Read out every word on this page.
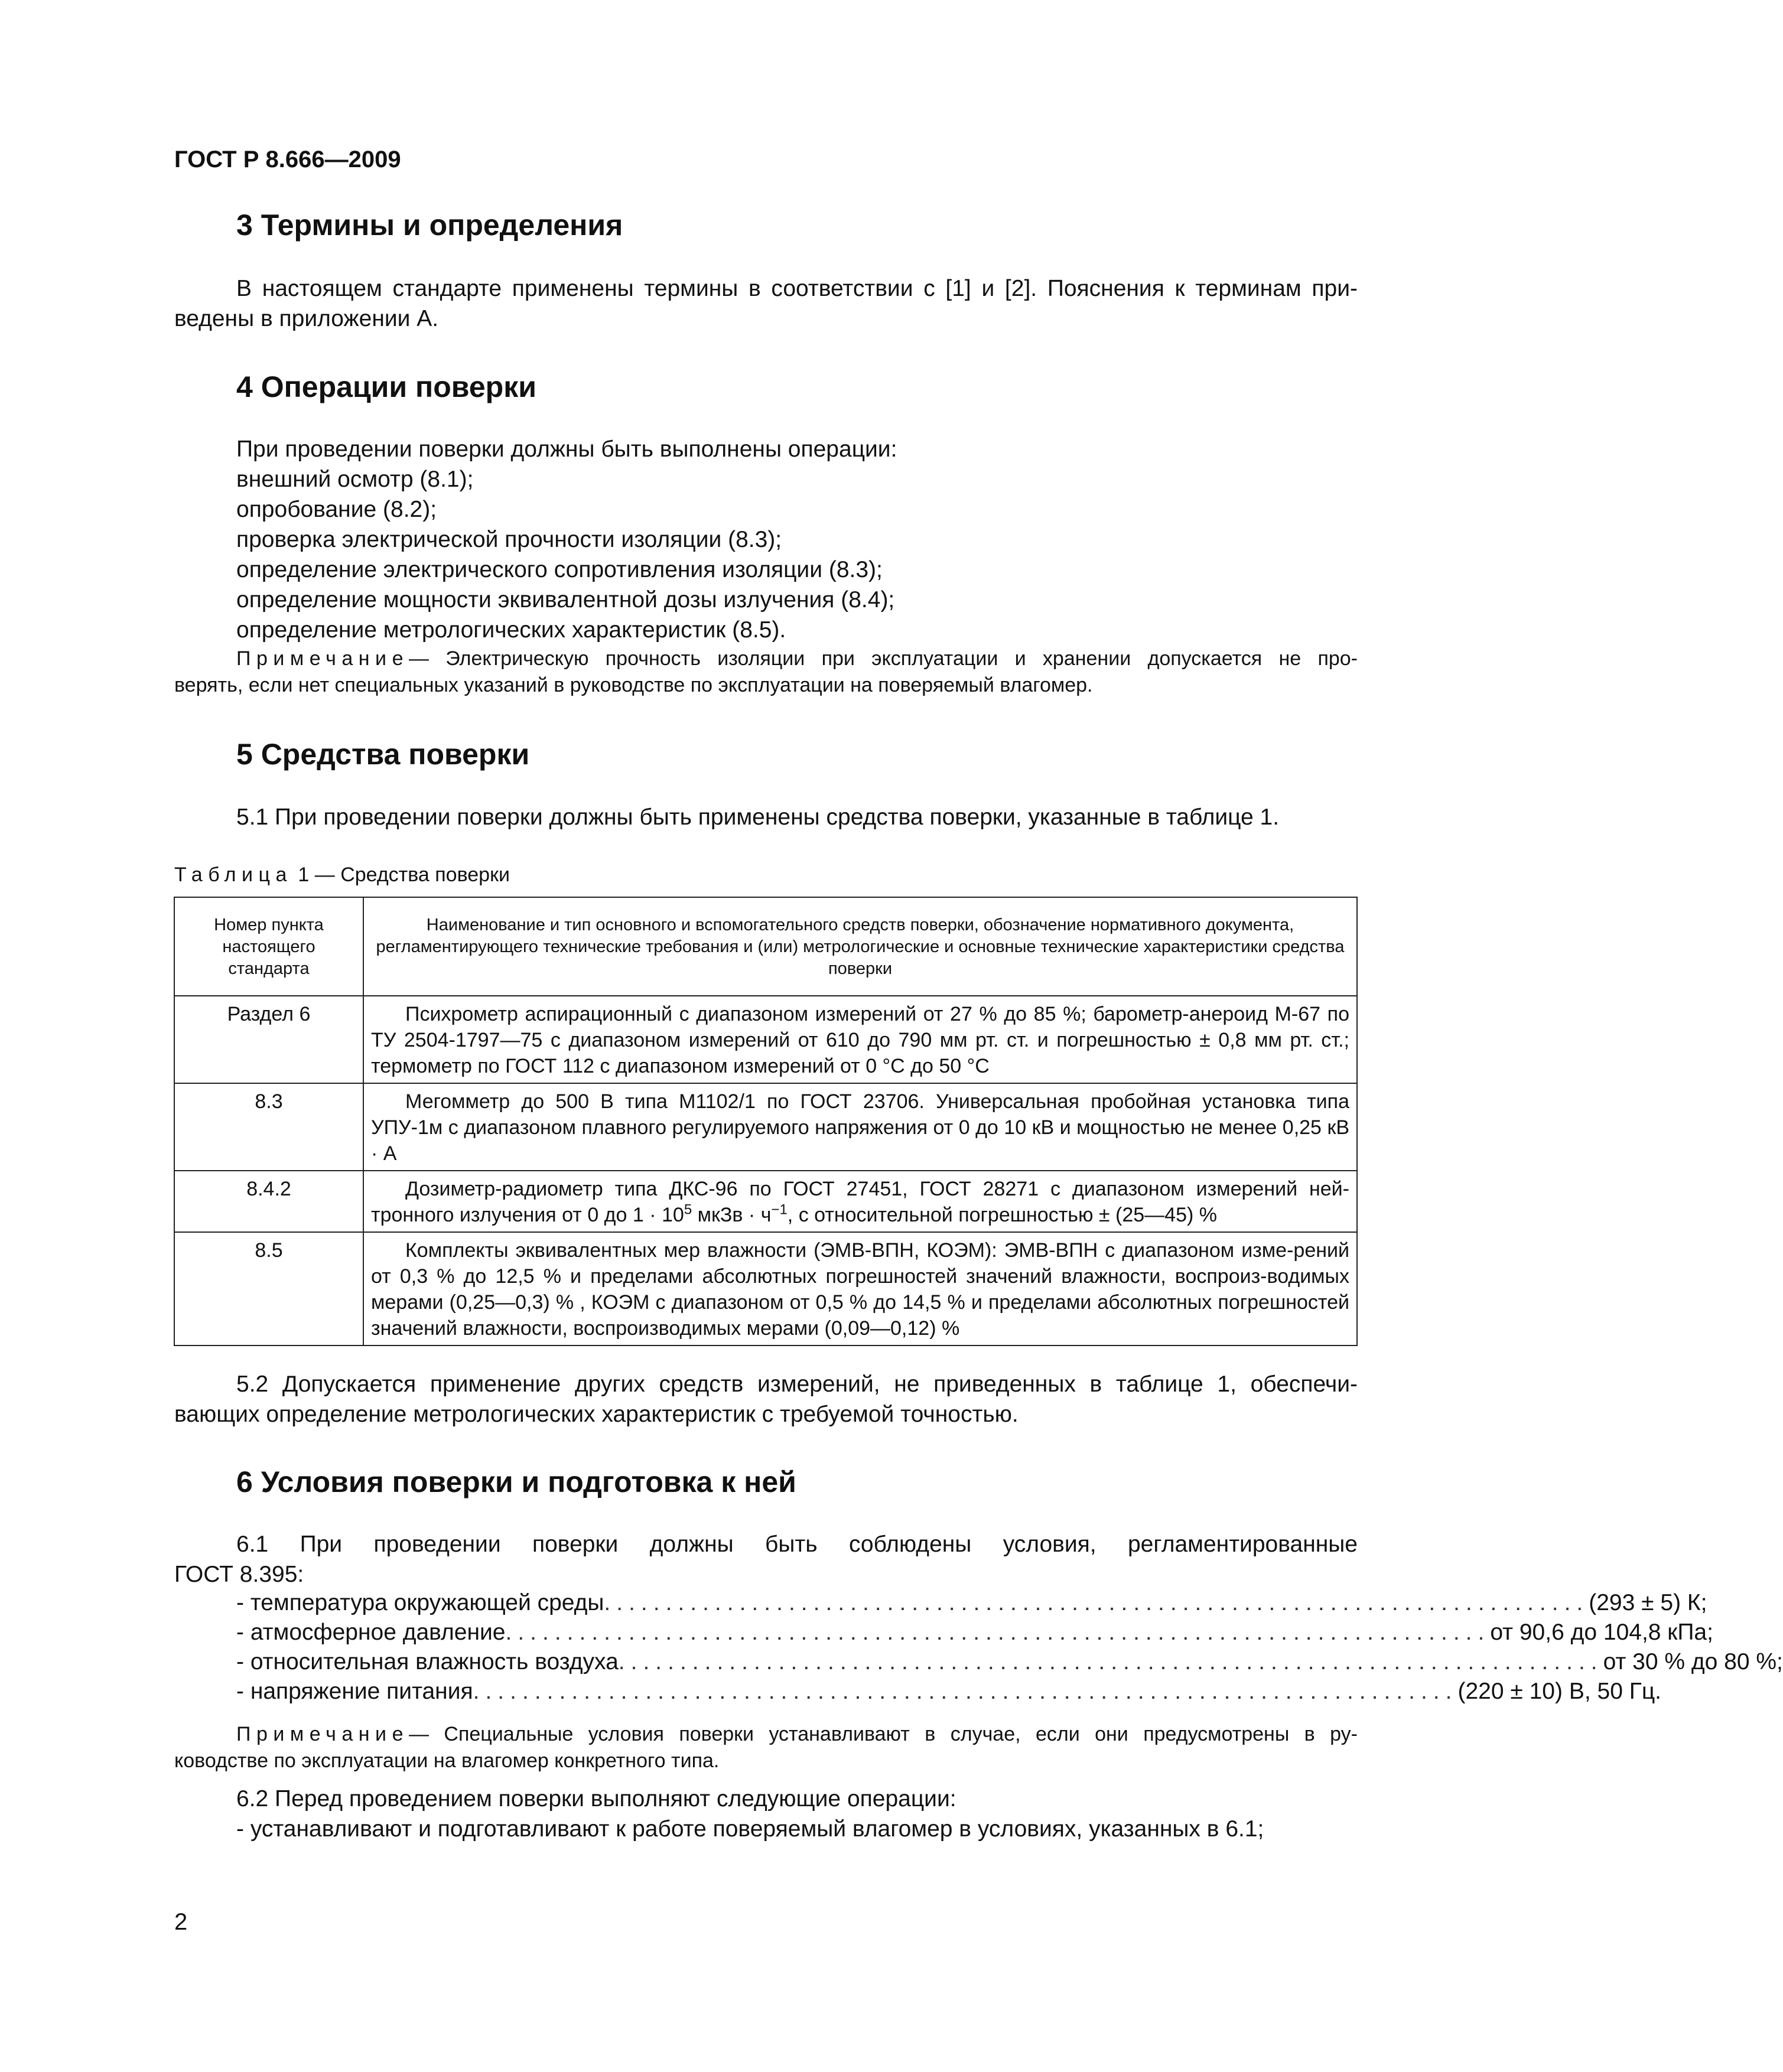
ГОСТ Р 8.666—2009
3 Термины и определения
В настоящем стандарте применены термины в соответствии с [1] и [2]. Пояснения к терминам при-
ведены в приложении А.
4 Операции поверки
При проведении поверки должны быть выполнены операции:
внешний осмотр (8.1);
опробование (8.2);
проверка электрической прочности изоляции (8.3);
определение электрического сопротивления изоляции (8.3);
определение мощности эквивалентной дозы излучения (8.4);
определение метрологических характеристик (8.5).
Примечание— Электрическую прочность изоляции при эксплуатации и хранении допускается не про-
верять, если нет специальных указаний в руководстве по эксплуатации на поверяемый влагомер.
5 Средства поверки
5.1 При проведении поверки должны быть применены средства поверки, указанные в таблице 1.
Таблица 1 — Средства поверки
Номер пункта настоящего стандарта	Наименование и тип основного и вспомогательного средств поверки, обозначение нормативного документа, регламентирующего технические требования и (или) метрологические и основные технические характеристики средства поверки
Раздел 6	Психрометр аспирационный с диапазоном измерений от 27 % до 85 %; барометр-анероид М-67 по ТУ 2504-1797—75 с диапазоном измерений от 610 до 790 мм рт. ст. и погрешностью ± 0,8 мм рт. ст.; термометр по ГОСТ 112 с диапазоном измерений от 0 °С до 50 °С

8.3	Мегомметр до 500 В типа М1102/1 по ГОСТ 23706. Универсальная пробойная установка типа УПУ-1м с диапазоном плавного регулируемого напряжения от 0 до 10 кВ и мощностью не менее 0,25 кВ · А

8.4.2	Дозиметр-радиометр типа ДКС-96 по ГОСТ 27451, ГОСТ 28271 с диапазоном измерений ней-тронного излучения от 0 до $1 \cdot 10^5$ мкЗв · $ч^{-1}$, с относительной погрешностью ± (25—45) %

8.5	Комплекты эквивалентных мер влажности (ЭМВ-ВПН, КОЭМ): ЭМВ-ВПН с диапазоном изме-рений от 0,3 % до 12,5 % и пределами абсолютных погрешностей значений влажности, воспроиз-водимых мерами (0,25—0,3) % , КОЭМ с диапазоном от 0,5 % до 14,5 % и пределами абсолютных погрешностей значений влажности, воспроизводимых мерами (0,09—0,12) %
5.2 Допускается применение других средств измерений, не приведенных в таблице 1, обеспечи-
вающих определение метрологических характеристик с требуемой точностью.
6 Условия поверки и подготовка к ней
6.1 При проведении поверки должны быть соблюдены условия, регламентированные
ГОСТ 8.395:
- температура окружающей среды ................................................................................ (293 ± 5) К;
- атмосферное давление ................................................................................ от 90,6 до 104,8 кПа;
- относительная влажность воздуха ................................................................................ от 30 % до 80 %;
- напряжение питания ................................................................................ (220 ± 10) В, 50 Гц.
Примечание— Специальные условия поверки устанавливают в случае, если они предусмотрены в ру-
ководстве по эксплуатации на влагомер конкретного типа.
6.2 Перед проведением поверки выполняют следующие операции:
- устанавливают и подготавливают к работе поверяемый влагомер в условиях, указанных в 6.1;
2
